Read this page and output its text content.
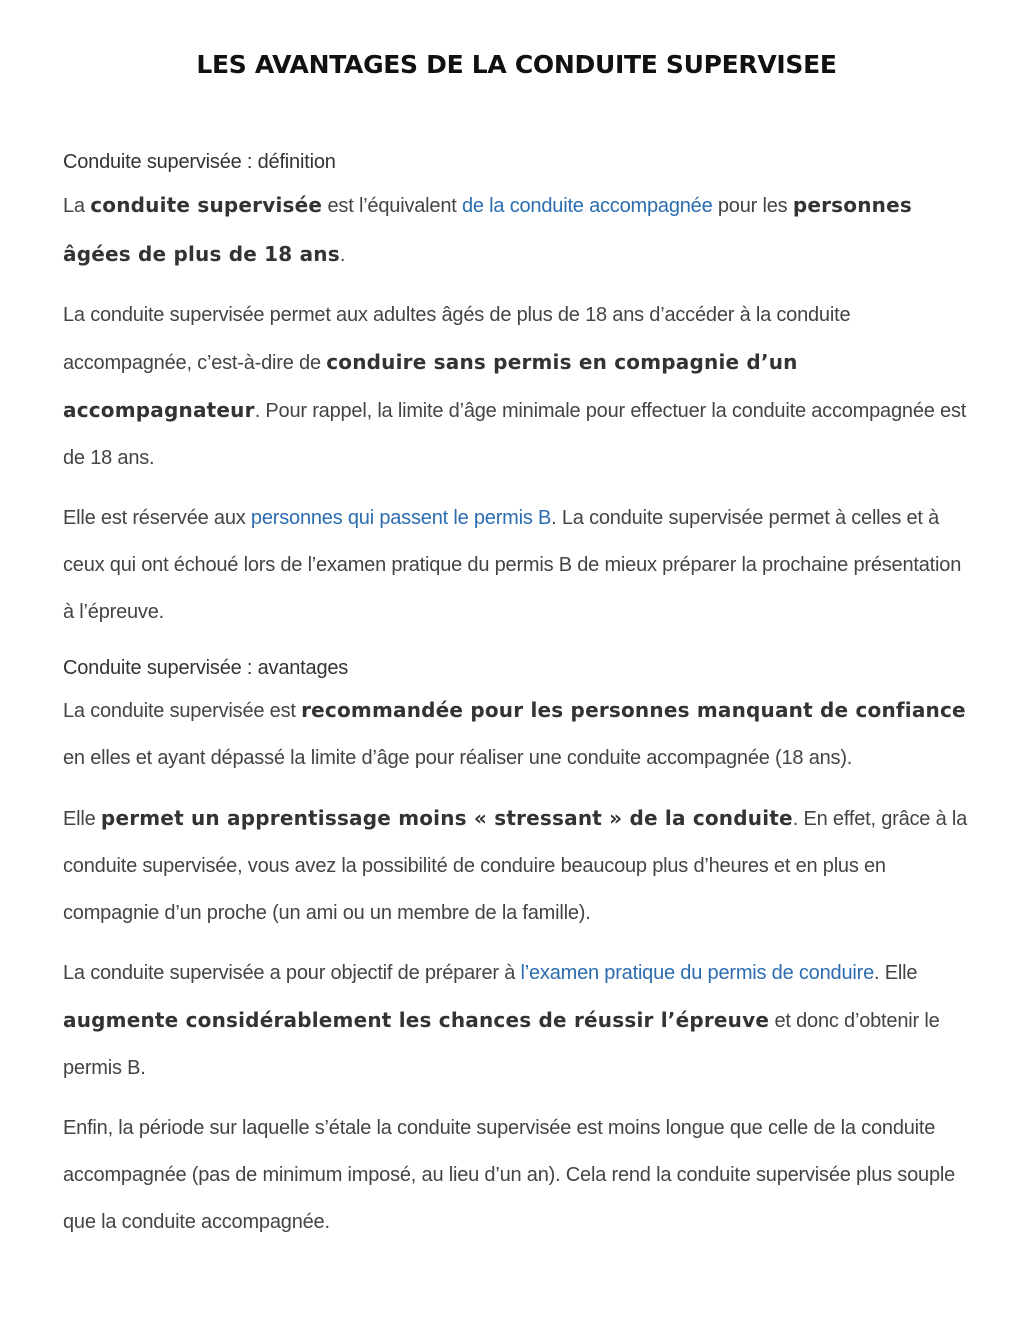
LES AVANTAGES DE LA CONDUITE SUPERVISEE
Conduite supervisée : définition

La conduite supervisée est l’équivalent de la conduite accompagnée pour les personnes âgées de plus de 18 ans.

La conduite supervisée permet aux adultes âgés de plus de 18 ans d’accéder à la conduite accompagnée, c’est-à-dire de conduire sans permis en compagnie d’un accompagnateur. Pour rappel, la limite d’âge minimale pour effectuer la conduite accompagnée est de 18 ans.

Elle est réservée aux personnes qui passent le permis B. La conduite supervisée permet à celles et à ceux qui ont échoué lors de l’examen pratique du permis B de mieux préparer la prochaine présentation à l’épreuve.

Conduite supervisée : avantages

La conduite supervisée est recommandée pour les personnes manquant de confiance en elles et ayant dépassé la limite d’âge pour réaliser une conduite accompagnée (18 ans).

Elle permet un apprentissage moins « stressant » de la conduite. En effet, grâce à la conduite supervisée, vous avez la possibilité de conduire beaucoup plus d’heures et en plus en compagnie d’un proche (un ami ou un membre de la famille).

La conduite supervisée a pour objectif de préparer à l’examen pratique du permis de conduire. Elle augmente considérablement les chances de réussir l’épreuve et donc d’obtenir le permis B.

Enfin, la période sur laquelle s’étale la conduite supervisée est moins longue que celle de la conduite accompagnée (pas de minimum imposé, au lieu d’un an). Cela rend la conduite supervisée plus souple que la conduite accompagnée.
